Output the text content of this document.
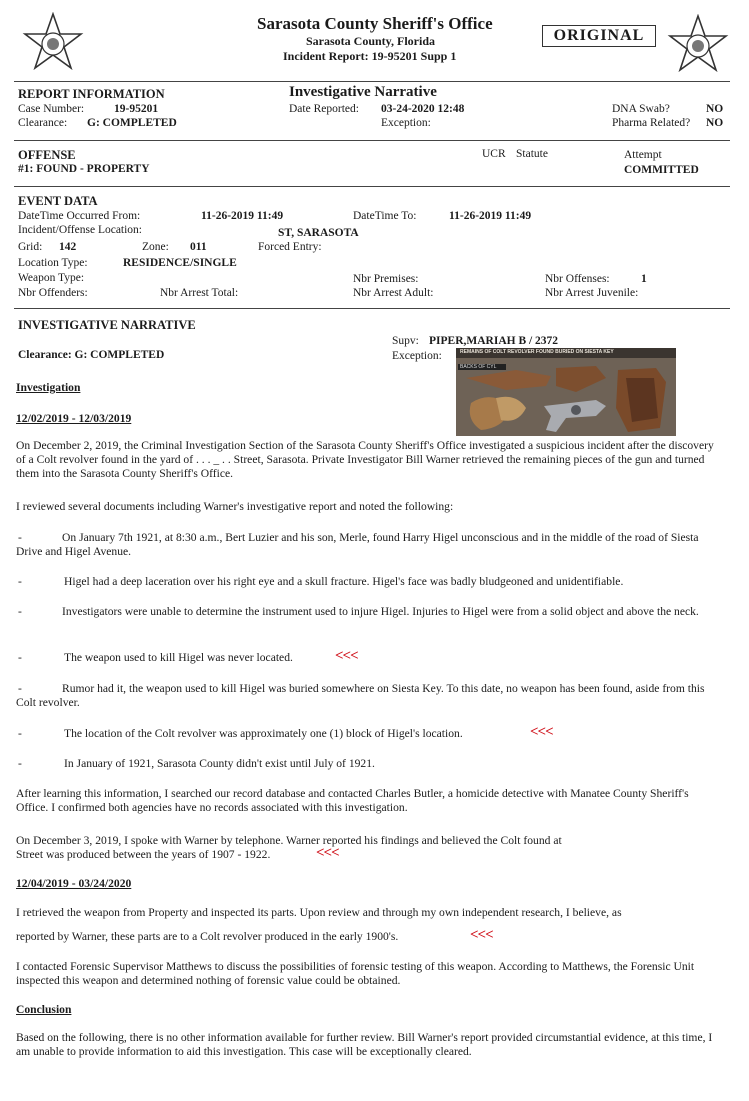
Sarasota County Sheriff's Office
Sarasota County, Florida
Incident Report: 19-95201 Supp 1
ORIGINAL
REPORT INFORMATION
Case Number:	19-95201
Clearance: G: COMPLETED
Investigative Narrative
Date Reported: 03-24-2020 12:48
Exception:
DNA Swab?	NO
Pharma Related? NO
OFFENSE
#1: FOUND - PROPERTY
UCR Statute	Attempt
COMMITTED
EVENT DATA
DateTime Occurred From:	11-26-2019 11:49	DateTime To:	11-26-2019 11:49
Incident/Offense Location:	ST, SARASOTA
Grid: 142	Zone: 011	Forced Entry:
Location Type:	RESIDENCE/SINGLE
Weapon Type:	Nbr Premises:	Nbr Offenses:	1
Nbr Offenders:	Nbr Arrest Total:	Nbr Arrest Adult:	Nbr Arrest Juvenile:
INVESTIGATIVE NARRATIVE
Supv: PIPER,MARIAH B / 2372
Clearance: G: COMPLETED	Exception:	REMAINS OF COLT REVOLVER FOUND BURIED ON SIESTA KEY
BACKS OF CYL
Investigation
12/02/2019 - 12/03/2019
On December 2, 2019, the Criminal Investigation Section of the Sarasota County Sheriff's Office investigated a suspicious incident after the discovery of a Colt revolver found in the yard of . . . _ . . Street, Sarasota. Private Investigator Bill Warner retrieved the remaining pieces of the gun and turned them into the Sarasota County Sheriff's Office.
I reviewed several documents including Warner's investigative report and noted the following:
-	On January 7th 1921, at 8:30 a.m., Bert Luzier and his son, Merle, found Harry Higel unconscious and in the middle of the road of Siesta Drive and Higel Avenue.
-	Higel had a deep laceration over his right eye and a skull fracture. Higel's face was badly bludgeoned and unidentifiable.
-	Investigators were unable to determine the instrument used to injure Higel. Injuries to Higel were from a solid object and above the neck.
-	The weapon used to kill Higel was never located.	<<<
-	Rumor had it, the weapon used to kill Higel was buried somewhere on Siesta Key. To this date, no weapon has been found, aside from this Colt revolver.
-	The location of the Colt revolver was approximately one (1) block of Higel's location.	<<<
-	In January of 1921, Sarasota County didn't exist until July of 1921.
After learning this information, I searched our record database and contacted Charles Butler, a homicide detective with Manatee County Sheriff's Office. I confirmed both agencies have no records associated with this investigation.
On December 3, 2019, I spoke with Warner by telephone. Warner reported his findings and believed the Colt found at
Street was produced between the years of 1907 - 1922.	<<<
12/04/2019 - 03/24/2020
I retrieved the weapon from Property and inspected its parts. Upon review and through my own independent research, I believe, as
reported by Warner, these parts are to a Colt revolver produced in the early 1900's.	<<<
I contacted Forensic Supervisor Matthews to discuss the possibilities of forensic testing of this weapon. According to Matthews, the Forensic Unit inspected this weapon and determined nothing of forensic value could be obtained.
Conclusion
Based on the following, there is no other information available for further review. Bill Warner's report provided circumstantial evidence, at this time, I am unable to provide information to aid this investigation. This case will be exceptionally cleared.
